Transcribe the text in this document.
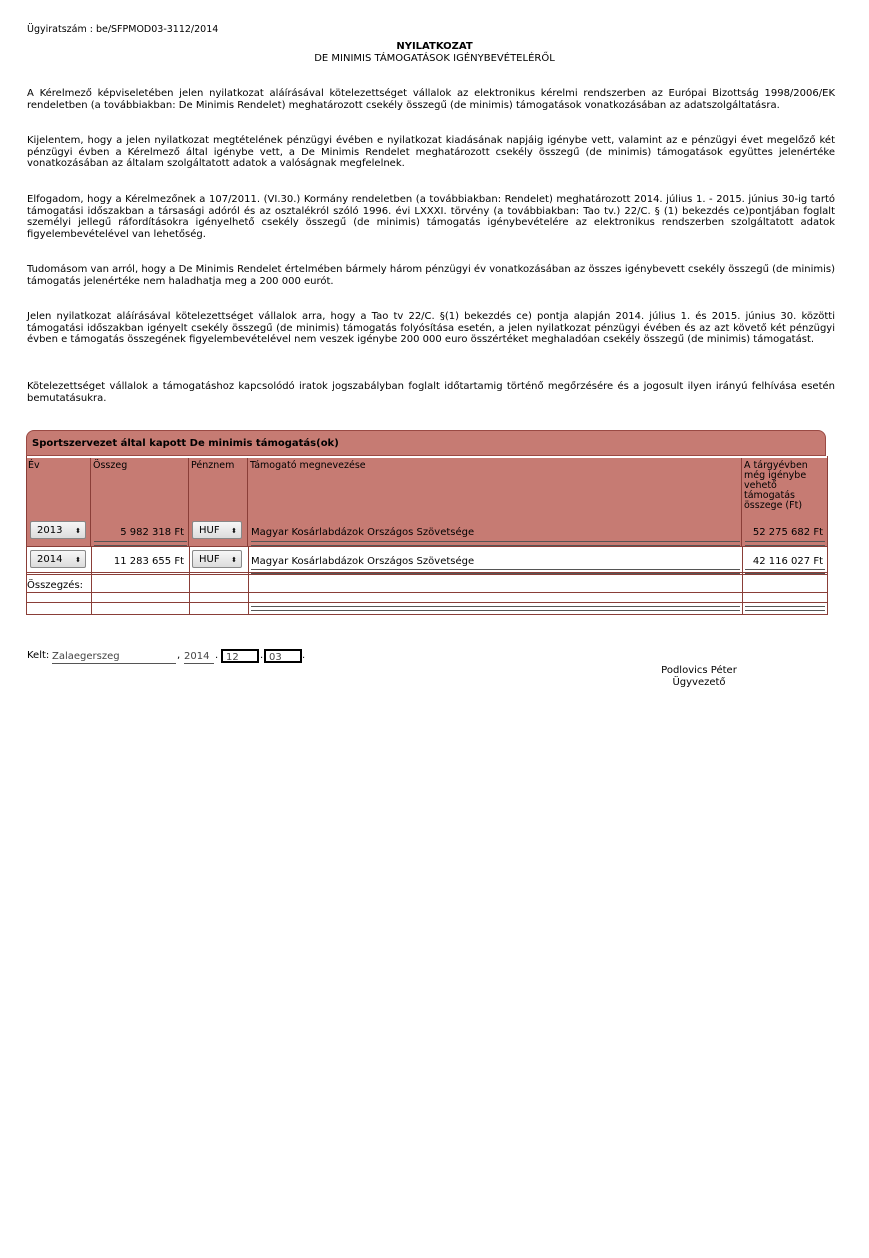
Ügyiratszám : be/SFPMOD03-3112/2014
NYILATKOZAT
DE MINIMIS TÁMOGATÁSOK IGÉNYBEVÉTELÉRŐL
A Kérelmező képviseletében jelen nyilatkozat aláírásával kötelezettséget vállalok az elektronikus kérelmi rendszerben az Európai Bizottság 1998/2006/EK rendeletben (a továbbiakban: De Minimis Rendelet) meghatározott csekély összegű (de minimis) támogatások vonatkozásában az adatszolgáltatásra.
Kijelentem, hogy a jelen nyilatkozat megtételének pénzügyi évében e nyilatkozat kiadásának napjáig igénybe vett, valamint az e pénzügyi évet megelőző két pénzügyi évben a Kérelmező által igénybe vett, a De Minimis Rendelet meghatározott csekély összegű (de minimis) támogatások együttes jelenértéke vonatkozásában az általam szolgáltatott adatok a valóságnak megfelelnek.
Elfogadom, hogy a Kérelmezőnek a 107/2011. (VI.30.) Kormány rendeletben (a továbbiakban: Rendelet) meghatározott 2014. július 1. - 2015. június 30-ig tartó támogatási időszakban a társasági adóról és az osztalékról szóló 1996. évi LXXXI. törvény (a továbbiakban: Tao tv.) 22/C. § (1) bekezdés ce)pontjában foglalt személyi jellegű ráfordításokra igényelhető csekély összegű (de minimis) támogatás igénybevételére az elektronikus rendszerben szolgáltatott adatok figyelembevételével van lehetőség.
Tudomásom van arról, hogy a De Minimis Rendelet értelmében bármely három pénzügyi év vonatkozásában az összes igénybevett csekély összegű (de minimis) támogatás jelenértéke nem haladhatja meg a 200 000 eurót.
Jelen nyilatkozat aláírásával kötelezettséget vállalok arra, hogy a Tao tv 22/C. §(1) bekezdés ce) pontja alapján 2014. július 1. és 2015. június 30. közötti támogatási időszakban igényelt csekély összegű (de minimis) támogatás folyósítása esetén, a jelen nyilatkozat pénzügyi évében és az azt követő két pénzügyi évben e támogatás összegének figyelembevételével nem veszek igénybe 200 000 euro összértéket meghaladóan csekély összegű (de minimis) támogatást.
Kötelezettséget vállalok a támogatáshoz kapcsolódó iratok jogszabályban foglalt időtartamig történő megőrzésére és a jogosult ilyen irányú felhívása esetén bemutatásukra.
Sportszervezet által kapott De minimis támogatás(ok)
Év	Összeg	Pénznem	Támogató megnevezése	A tárgyévben még igénybe vehető támogatás összege (Ft)
2013 ⬍	5 982 318 Ft	HUF ⬍ Magyar Kosárlabdázok Országos Szövetsége	52 275 682 Ft
2014 ⬍	11 283 655 Ft	HUF ⬍ Magyar Kosárlabdázok Országos Szövetsége	42 116 027 Ft
Összegzés:
Kelt: Zalaegerszeg	, 2014 . 12	. 03	.
Podlovics Péter
Ügyvezető
